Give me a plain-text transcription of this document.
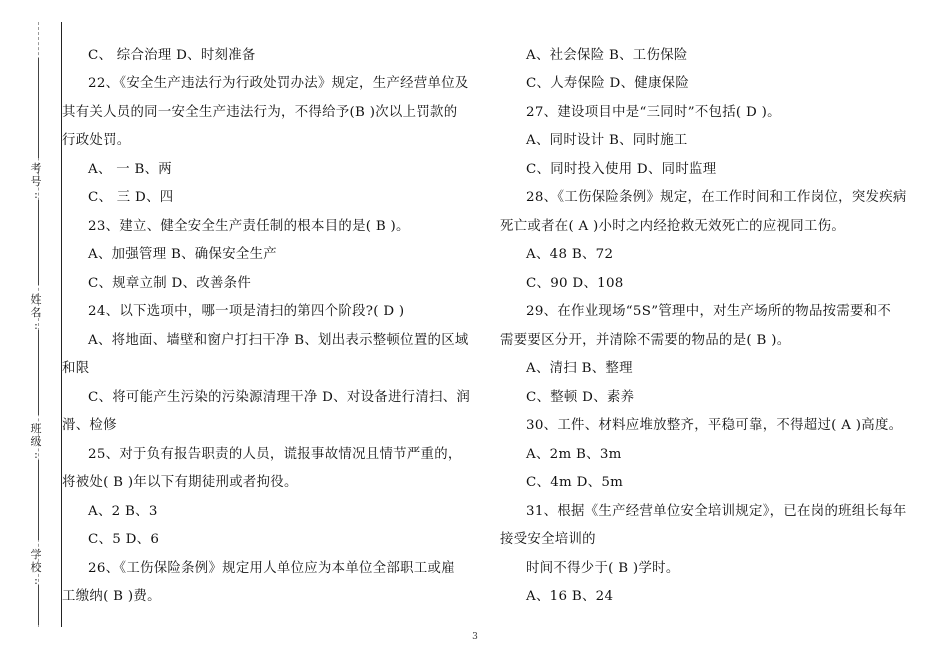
考
号
:
姓
名
:
班
级
:
学
校
:
C、 综合治理 D、时刻准备
22、《安全生产违法行为行政处罚办法》规定，生产经营单位及
其有关人员的同一安全生产违法行为，不得给予(B )次以上罚款的
行政处罚。
A、 一 B、两
C、 三 D、四
23、建立、健全安全生产责任制的根本目的是( B )。
A、加强管理 B、确保安全生产
C、规章立制 D、改善条件
24、以下选项中，哪一项是清扫的第四个阶段?( D )
A、将地面、墙壁和窗户打扫干净 B、划出表示整顿位置的区域
和限
C、将可能产生污染的污染源清理干净 D、对设备进行清扫、润
滑、检修
25、对于负有报告职责的人员，谎报事故情况且情节严重的，
将被处( B )年以下有期徒刑或者拘役。
A、2 B、3
C、5 D、6
26、《工伤保险条例》规定用人单位应为本单位全部职工或雇
工缴纳( B )费。
A、社会保险 B、工伤保险
C、人寿保险 D、健康保险
27、建设项目中是“三同时”不包括( D )。
A、同时设计 B、同时施工
C、同时投入使用 D、同时监理
28、《工伤保险条例》规定，在工作时间和工作岗位，突发疾病
死亡或者在( A )小时之内经抢救无效死亡的应视同工伤。
A、48 B、72
C、90 D、108
29、在作业现场“5S”管理中，对生产场所的物品按需要和不
需要要区分开，并清除不需要的物品的是( B )。
A、清扫 B、整理
C、整顿 D、素养
30、工件、材料应堆放整齐，平稳可靠，不得超过( A )高度。
A、2m B、3m
C、4m D、5m
31、根据《生产经营单位安全培训规定》，已在岗的班组长每年
接受安全培训的
时间不得少于( B )学时。
A、16 B、24
3
